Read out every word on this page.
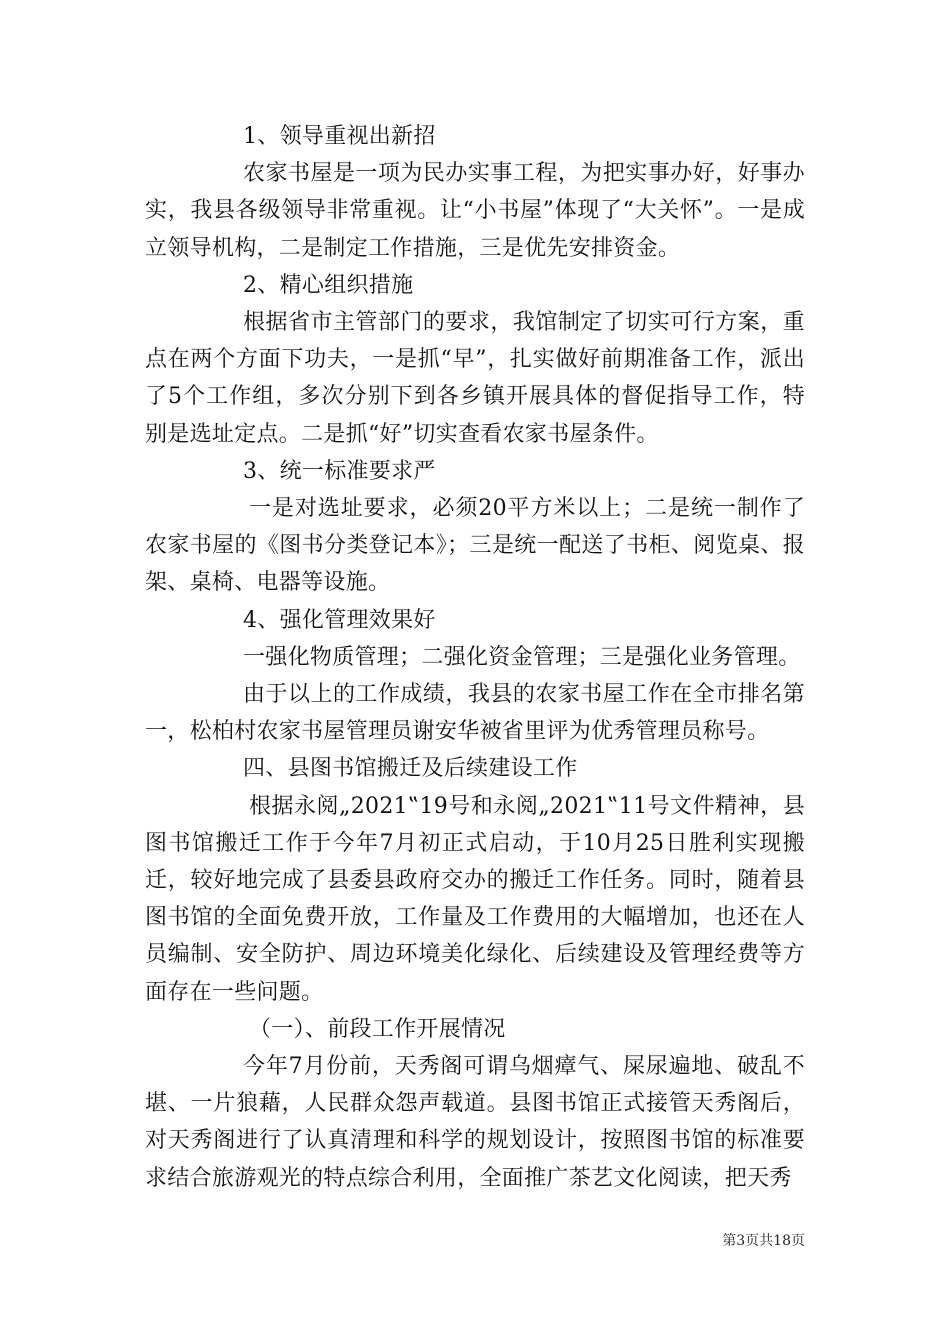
1、领导重视出新招

农家书屋是一项为民办实事工程，为把实事办好，好事办实，我县各级领导非常重视。让“小书屋”体现了“大关怀”。一是成立领导机构，二是制定工作措施，三是优先安排资金。

2、精心组织措施

根据省市主管部门的要求，我馆制定了切实可行方案，重点在两个方面下功夫，一是抓“早”，扎实做好前期准备工作，派出了5个工作组，多次分别下到各乡镇开展具体的督促指导工作，特别是选址定点。二是抓“好”切实查看农家书屋条件。

3、统一标准要求严

一是对选址要求，必须20平方米以上；二是统一制作了农家书屋的《图书分类登记本》；三是统一配送了书柜、阅览桌、报架、桌椅、电器等设施。

4、强化管理效果好

一强化物质管理；二强化资金管理；三是强化业务管理。

由于以上的工作成绩，我县的农家书屋工作在全市排名第一，松柏村农家书屋管理员谢安华被省里评为优秀管理员称号。

四、县图书馆搬迁及后续建设工作

根据永阅„2021‟19号和永阅„2021‟11号文件精神，县图书馆搬迁工作于今年7月初正式启动，于10月25日胜利实现搬迁，较好地完成了县委县政府交办的搬迁工作任务。同时，随着县图书馆的全面免费开放，工作量及工作费用的大幅增加，也还在人员编制、安全防护、周边环境美化绿化、后续建设及管理经费等方面存在一些问题。

（一）、前段工作开展情况

今年7月份前，天秀阁可谓乌烟瘴气、屎尿遍地、破乱不堪、一片狼藉，人民群众怨声载道。县图书馆正式接管天秀阁后，对天秀阁进行了认真清理和科学的规划设计，按照图书馆的标准要求结合旅游观光的特点综合利用，全面推广茶艺文化阅读，把天秀

第3页共18页
